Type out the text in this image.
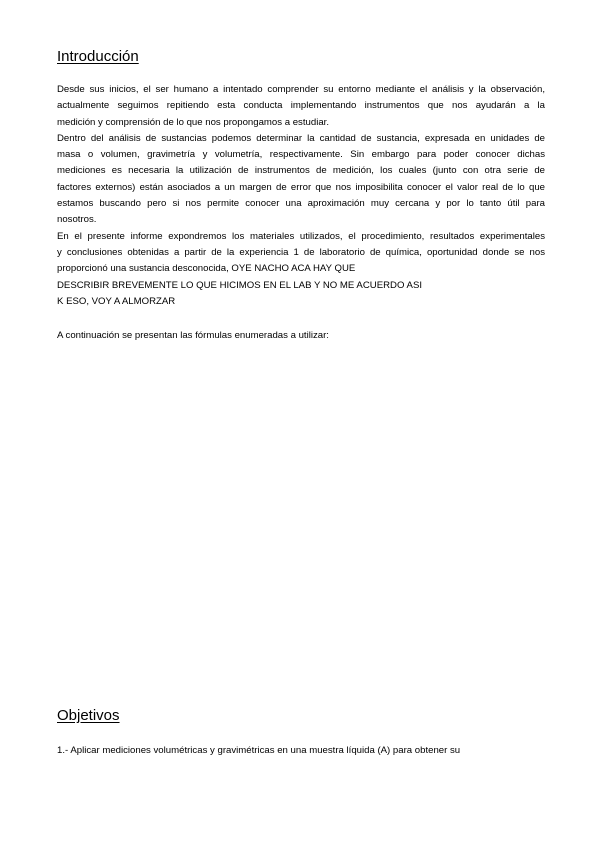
Introducción
Desde sus inicios, el ser humano a intentado comprender su entorno mediante el análisis y la observación,
actualmente seguimos repitiendo esta conducta implementando instrumentos que nos ayudarán a la
medición y comprensión de lo que nos propongamos a estudiar.
Dentro del análisis de sustancias podemos determinar la cantidad de sustancia, expresada en unidades de
masa o volumen, gravimetría y volumetría, respectivamente. Sin embargo para poder conocer dichas
mediciones es necesaria la utilización de instrumentos de medición, los cuales (junto con otra serie de
factores externos) están asociados a un margen de error que nos imposibilita conocer el valor real de lo que
estamos buscando pero si nos permite conocer una aproximación muy cercana y por lo tanto útil para
nosotros.
En el presente informe expondremos los materiales utilizados, el procedimiento, resultados experimentales
y conclusiones obtenidas a partir de la experiencia 1 de laboratorio de química, oportunidad donde se nos
proporcionó una sustancia desconocida, OYE NACHO ACA HAY QUE
DESCRIBIR BREVEMENTE LO QUE HICIMOS EN EL LAB Y NO ME ACUERDO ASI
K ESO, VOY A ALMORZAR
A continuación se presentan las fórmulas enumeradas a utilizar:
Objetivos
1.- Aplicar mediciones volumétricas y gravimétricas en una muestra líquida (A) para obtener su
